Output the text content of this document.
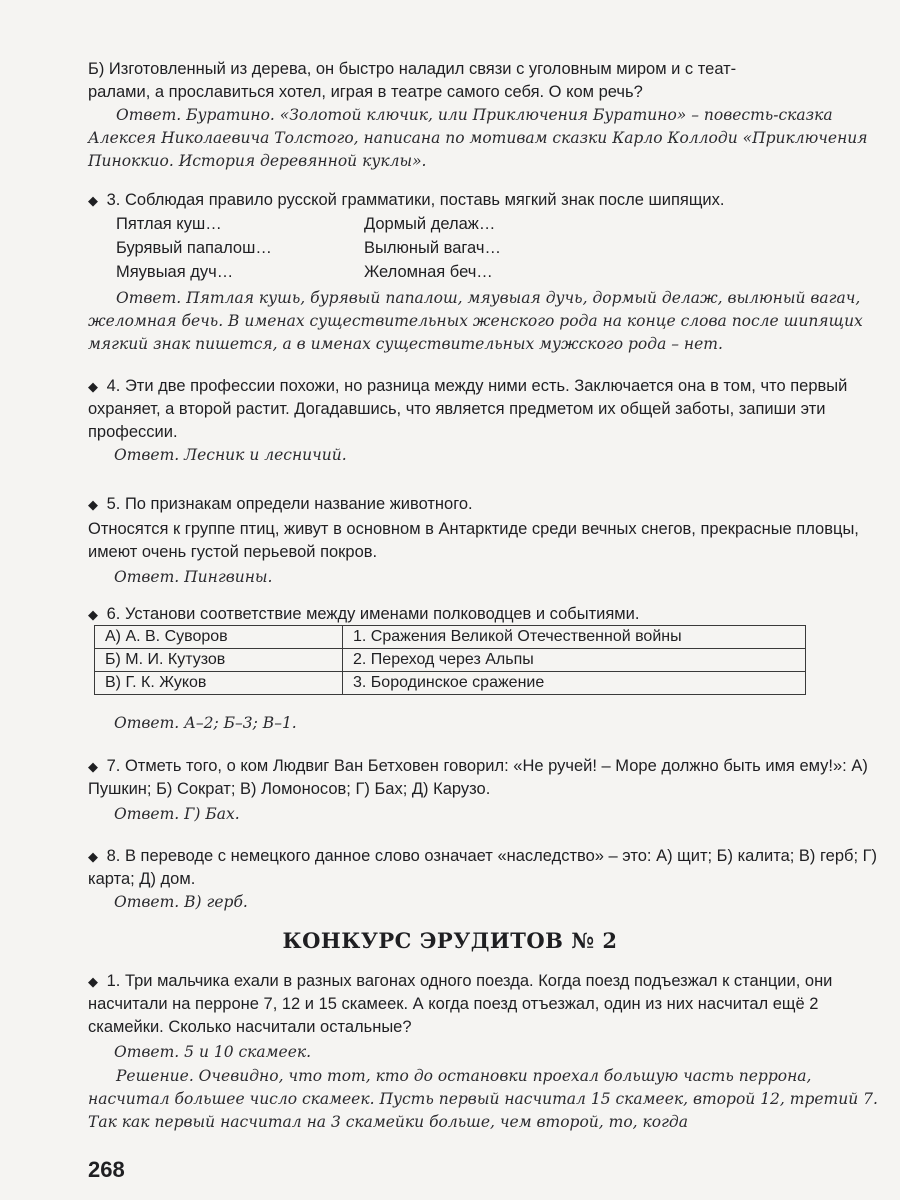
Б) Изготовленный из дерева, он быстро наладил связи с уголовным миром и с теат-
ралами, а прославиться хотел, играя в театре самого себя. О ком речь?
Ответ. Буратино. «Золотой ключик, или Приключения Буратино» – повесть-сказка Алексея Николаевича Толстого, написана по мотивам сказки Карло Коллоди «Приключения Пиноккио. История деревянной куклы».
◆ 3. Соблюдая правило русской грамматики, поставь мягкий знак после шипящих.
Пятлая куш…	Дормый делаж…
Бурявый папалош…	Вылюный вагач…
Мяувыая дуч…	Желомная беч…
Ответ. Пятлая кушь, бурявый папалош, мяувыая дучь, дормый делаж, вылюный вагач, желомная бечь. В именах существительных женского рода на конце слова после шипящих мягкий знак пишется, а в именах существительных мужского рода – нет.
◆ 4. Эти две профессии похожи, но разница между ними есть. Заключается она в том, что первый охраняет, а второй растит. Догадавшись, что является предметом их общей заботы, запиши эти профессии.
Ответ. Лесник и лесничий.
◆ 5. По признакам определи название животного.
Относятся к группе птиц, живут в основном в Антарктиде среди вечных снегов, прекрасные пловцы, имеют очень густой перьевой покров.
Ответ. Пингвины.
◆ 6. Установи соответствие между именами полководцев и событиями.
А) А. В. Суворов	1. Сражения Великой Отечественной войны
Б) М. И. Кутузов	2. Переход через Альпы
В) Г. К. Жуков	3. Бородинское сражение
Ответ. А–2; Б–3; В–1.
◆ 7. Отметь того, о ком Людвиг Ван Бетховен говорил: «Не ручей! – Море должно быть имя ему!»: А) Пушкин; Б) Сократ; В) Ломоносов; Г) Бах; Д) Карузо.
Ответ. Г) Бах.
◆ 8. В переводе с немецкого данное слово означает «наследство» – это: А) щит; Б) калита; В) герб; Г) карта; Д) дом.
Ответ. В) герб.
КОНКУРС ЭРУДИТОВ № 2
◆ 1. Три мальчика ехали в разных вагонах одного поезда. Когда поезд подъезжал к станции, они насчитали на перроне 7, 12 и 15 скамеек. А когда поезд отъезжал, один из них насчитал ещё 2 скамейки. Сколько насчитали остальные?
Ответ. 5 и 10 скамеек.
Решение. Очевидно, что тот, кто до остановки проехал большую часть перрона, насчитал большее число скамеек. Пусть первый насчитал 15 скамеек, второй 12, третий 7. Так как первый насчитал на 3 скамейки больше, чем второй, то, когда
268
